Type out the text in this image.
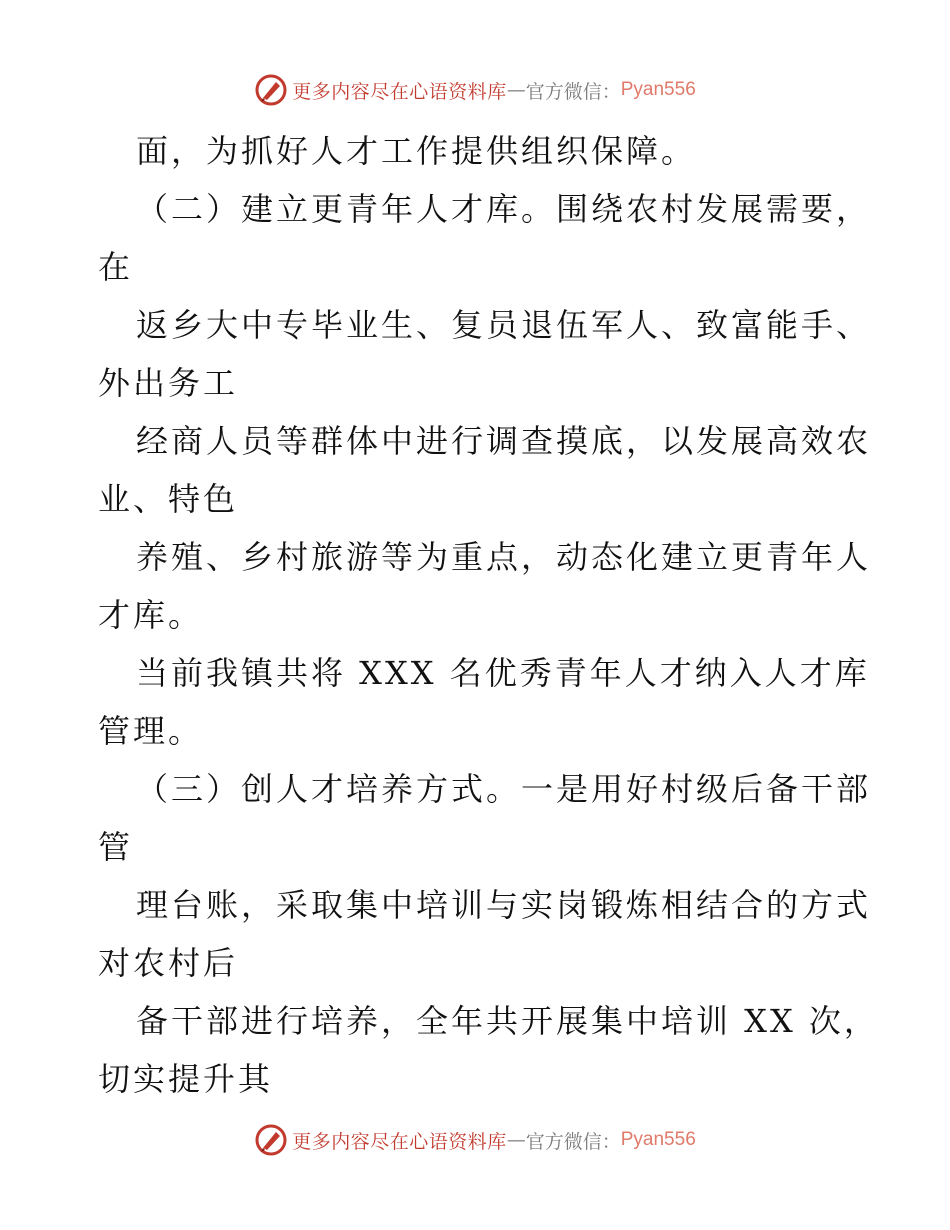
更多内容尽在心语资料库 — 官方微信： Pyan556
面，为抓好人才工作提供组织保障。
（二）建立更青年人才库。围绕农村发展需要，
在
返乡大中专毕业生、复员退伍军人、致富能手、
外出务工
经商人员等群体中进行调查摸底，以发展高效农
业、特色
养殖、乡村旅游等为重点，动态化建立更青年人
才库。
当前我镇共将 XXX 名优秀青年人才纳入人才库
管理。
（三）创人才培养方式。一是用好村级后备干部
管
理台账，采取集中培训与实岗锻炼相结合的方式
对农村后
备干部进行培养，全年共开展集中培训 XX 次，
切实提升其
更多内容尽在心语资料库 — 官方微信： Pyan556
